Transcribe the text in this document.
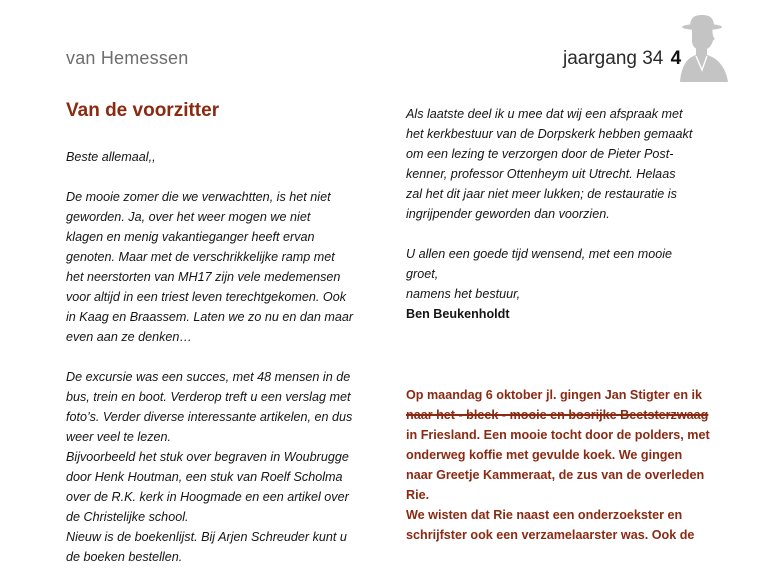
van Hemessen	jaargang 34 4
Van de voorzitter

Beste allemaal,,

De mooie zomer die we verwachtten, is het niet

geworden. Ja, over het weer mogen we niet

klagen en menig vakantieganger heeft ervan

genoten. Maar met de verschrikkelijke ramp met

het neerstorten van MH17 zijn vele medemensen

voor altijd in een triest leven terechtgekomen. Ook

in Kaag en Braassem. Laten we zo nu en dan maar

even aan ze denken…

De excursie was een succes, met 48 mensen in de

bus, trein en boot. Verderop treft u een verslag met

foto’s. Verder diverse interessante artikelen, en dus

weer veel te lezen.

Bijvoorbeeld het stuk over begraven in Woubrugge

door Henk Houtman, een stuk van Roelf Scholma

over de R.K. kerk in Hoogmade en een artikel over

de Christelijke school.

Nieuw is de boekenlijst. Bij Arjen Schreuder kunt u

de boeken bestellen.

Als laatste deel ik u mee dat wij een afspraak met

het kerkbestuur van de Dorpskerk hebben gemaakt

om een lezing te verzorgen door de Pieter Post-

kenner, professor Ottenheym uit Utrecht. Helaas

zal het dit jaar niet meer lukken; de restauratie is

ingrijpender geworden dan voorzien.

U allen een goede tijd wensend, met een mooie

groet,

namens het bestuur,

Ben Beukenholdt

Op maandag 6 oktober jl. gingen Jan Stigter en ik

naar het - bleek - mooie en bosrijke Beetsterzwaag

in Friesland. Een mooie tocht door de polders, met

onderweg koffie met gevulde koek. We gingen

naar Greetje Kammeraat, de zus van de overleden

Rie.

We wisten dat Rie naast een onderzoekster en

schrijfster ook een verzamelaarster was. Ook de
